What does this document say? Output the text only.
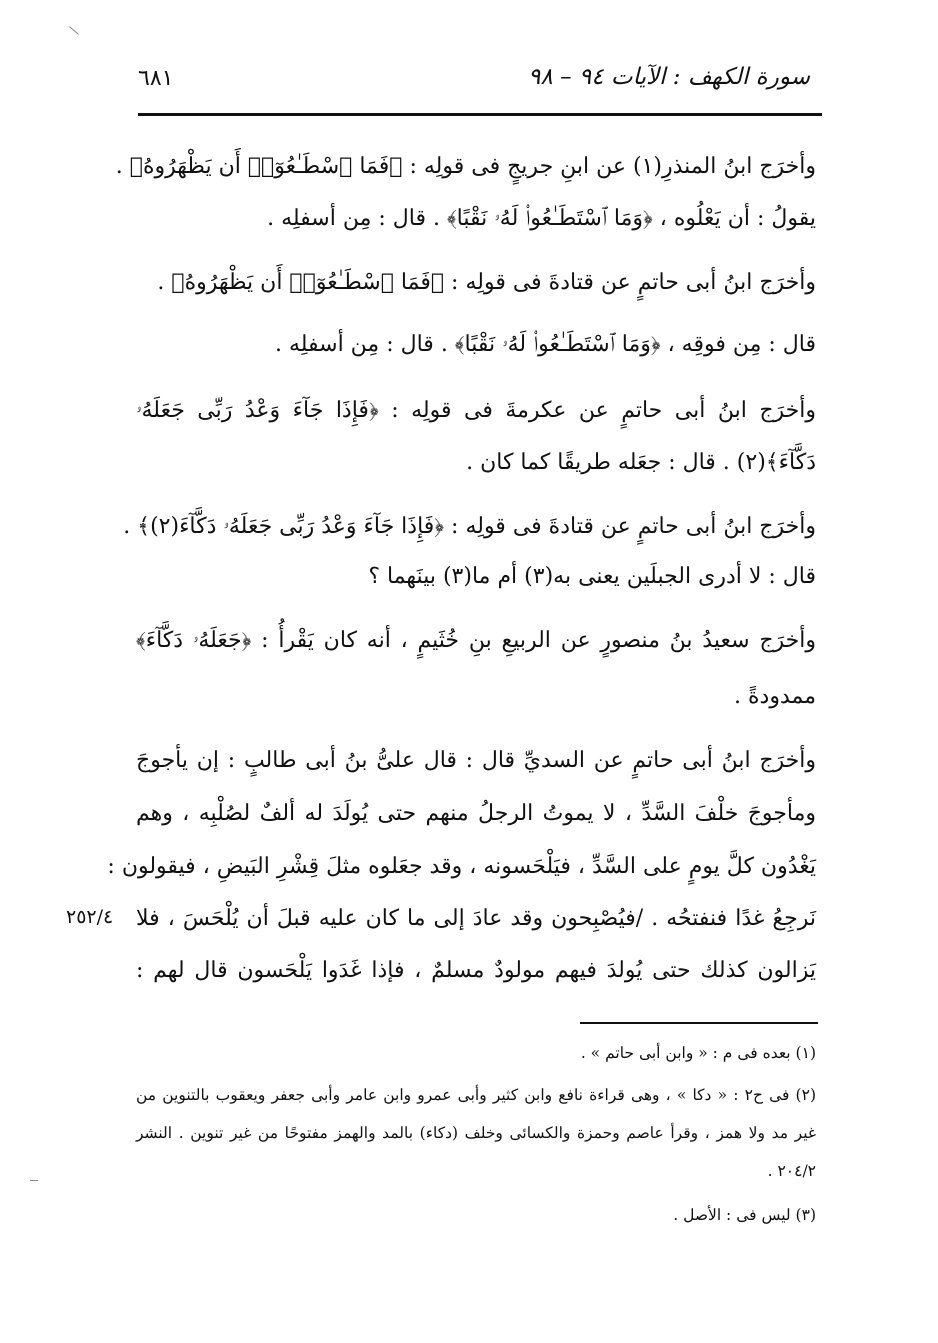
٦٨١	سورة الكهف : الآيات ٩٤ – ٩٨
وأخرَج ابنُ المنذرِ(١) عن ابنِ جريجٍ فى قولِه : ﴿فَمَا ٱسْطَـٰعُوٓا۟ أَن يَظْهَرُوهُ﴾ .
يقولُ : أن يَعْلُوه ، ﴿وَمَا ٱسْتَطَـٰعُوا۟ لَهُۥ نَقْبًا﴾ . قال : مِن أسفلِه .
وأخرَج ابنُ أبى حاتمٍ عن قتادةَ فى قولِه : ﴿فَمَا ٱسْطَـٰعُوٓا۟ أَن يَظْهَرُوهُ﴾ .
قال : مِن فوقِه ، ﴿وَمَا ٱسْتَطَـٰعُوا۟ لَهُۥ نَقْبًا﴾ . قال : مِن أسفلِه .
وأخرَج ابنُ أبى حاتمٍ عن عكرمةَ فى قولِه : ﴿فَإِذَا جَآءَ وَعْدُ رَبِّى جَعَلَهُۥ
دَكَّآءَ﴾(٢) . قال : جعَله طريقًا كما كان .
وأخرَج ابنُ أبى حاتمٍ عن قتادةَ فى قولِه : ﴿فَإِذَا جَآءَ وَعْدُ رَبِّى جَعَلَهُۥ دَكَّآءَ(٢)﴾ .
قال : لا أدرى الجبلَين يعنى به(٣) أم ما(٣) بينَهما ؟
وأخرَج سعيدُ بنُ منصورٍ عن الربيعِ بنِ خُثَيمٍ ، أنه كان يَقْرأُ : ﴿جَعَلَهُۥ دَكَّآءَ﴾
ممدودةً .
وأخرَج ابنُ أبى حاتمٍ عن السديِّ قال : قال علىُّ بنُ أبى طالبٍ : إن يأجوجَ
ومأجوجَ خلْفَ السَّدِّ ، لا يموتُ الرجلُ منهم حتى يُولَدَ له ألفٌ لصُلْبِه ، وهم
يَغْدُون كلَّ يومٍ على السَّدِّ ، فيَلْحَسونه ، وقد جعَلوه مثلَ قِشْرِ البَيضِ ، فيقولون :
نَرجِعُ غدًا فنفتحُه . /فيُصْبِحون وقد عادَ إلى ما كان عليه قبلَ أن يُلْحَسَ ، فلا
يَزالون كذلك حتى يُولدَ فيهم مولودٌ مسلمٌ ، فإذا غَدَوا يَلْحَسون قال لهم :
٢٥٢/٤
(١) بعده فى م : « وابن أبى حاتم » .
(٢) فى ح٢ : « دكا » ، وهى قراءة نافع وابن كثير وأبى عمرو وابن عامر وأبى جعفر ويعقوب بالتنوين من
غير مد ولا همز ، وقرأ عاصم وحمزة والكسائى وخلف (دكاء) بالمد والهمز مفتوحًا من غير تنوين . النشر
٢٠٤/٢ .
(٣) ليس فى : الأصل .
